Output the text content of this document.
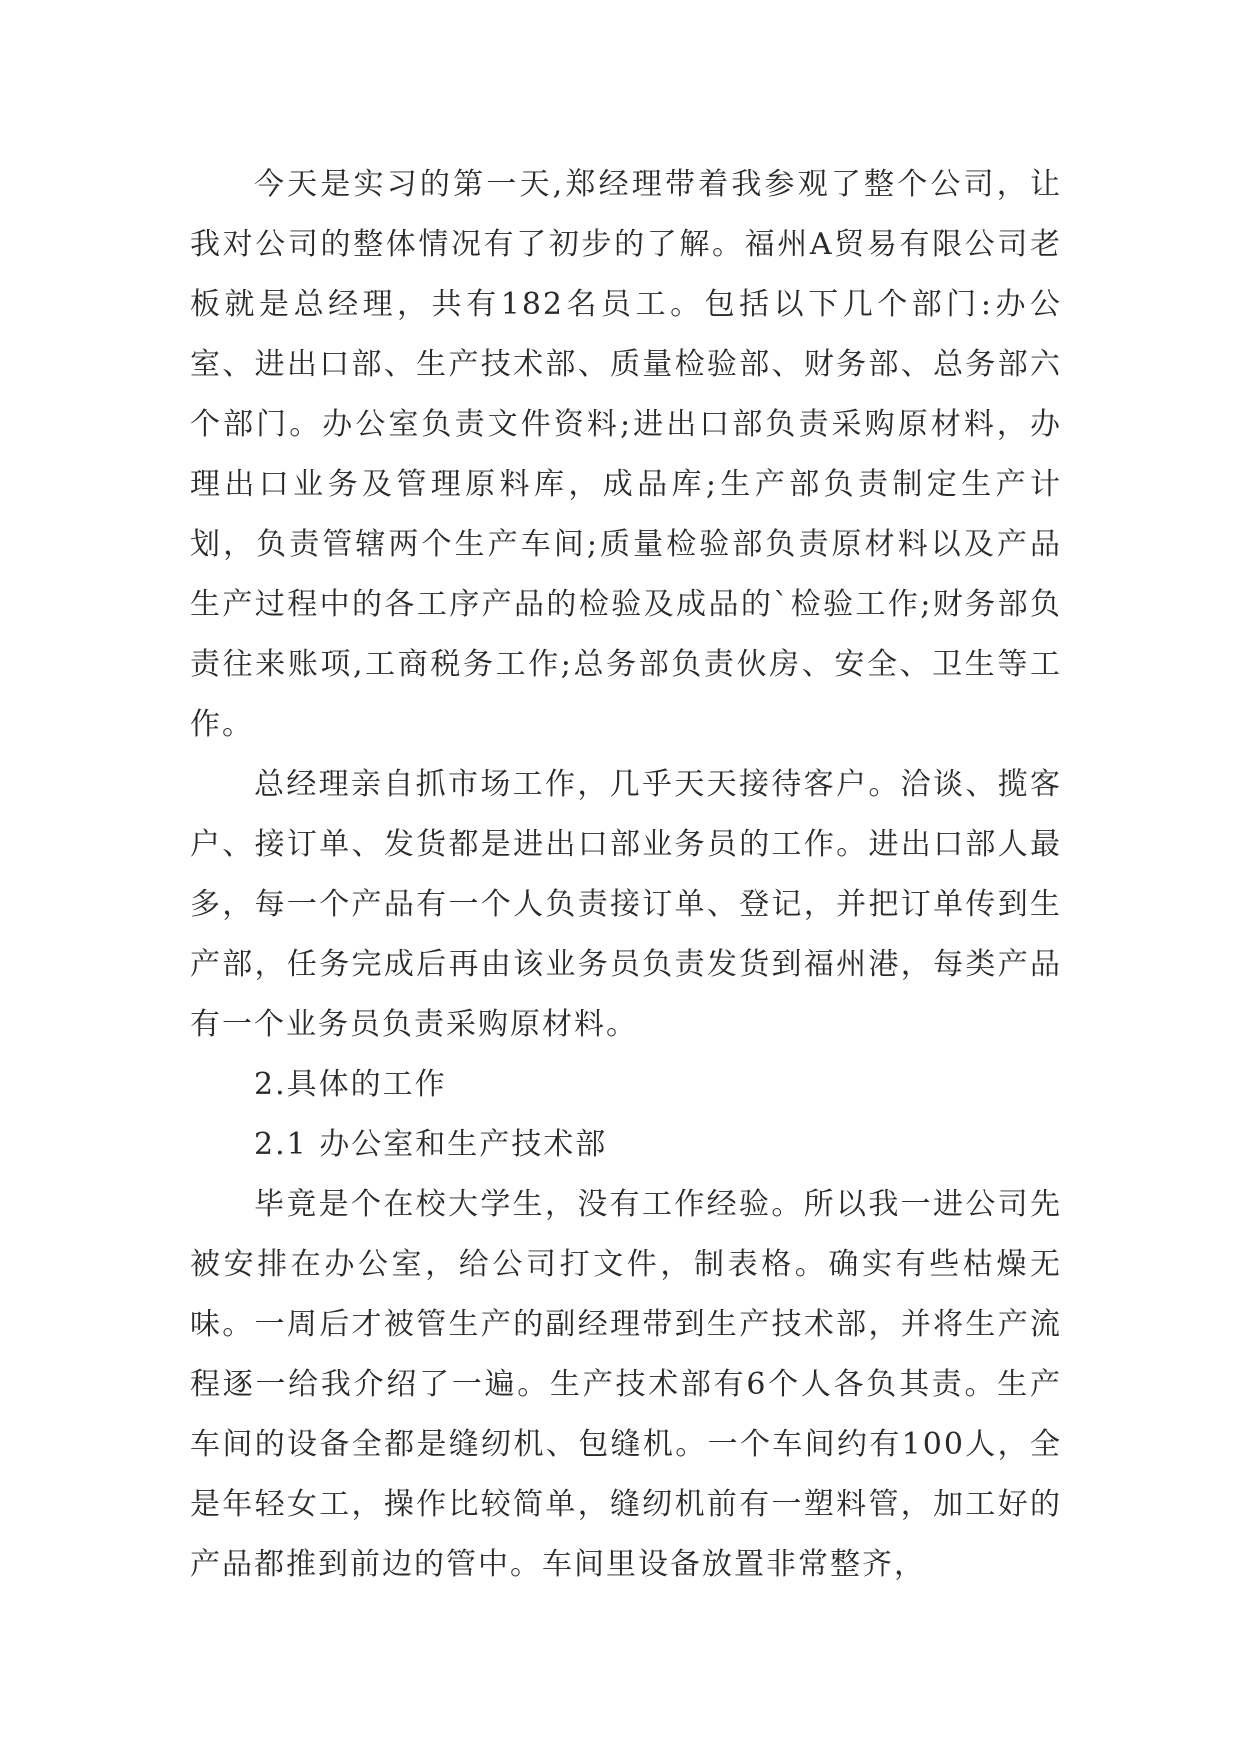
今天是实习的第一天,郑经理带着我参观了整个公司，让我对公司的整体情况有了初步的了解。福州A贸易有限公司老板就是总经理，共有182名员工。包括以下几个部门:办公室、进出口部、生产技术部、质量检验部、财务部、总务部六个部门。办公室负责文件资料;进出口部负责采购原材料，办理出口业务及管理原料库，成品库;生产部负责制定生产计划，负责管辖两个生产车间;质量检验部负责原材料以及产品生产过程中的各工序产品的检验及成品的`检验工作;财务部负责往来账项,工商税务工作;总务部负责伙房、安全、卫生等工作。

总经理亲自抓市场工作，几乎天天接待客户。洽谈、揽客户、接订单、发货都是进出口部业务员的工作。进出口部人最多，每一个产品有一个人负责接订单、登记，并把订单传到生产部，任务完成后再由该业务员负责发货到福州港，每类产品有一个业务员负责采购原材料。

2.具体的工作

2.1 办公室和生产技术部

毕竟是个在校大学生，没有工作经验。所以我一进公司先被安排在办公室，给公司打文件，制表格。确实有些枯燥无味。一周后才被管生产的副经理带到生产技术部，并将生产流程逐一给我介绍了一遍。生产技术部有6个人各负其责。生产车间的设备全都是缝纫机、包缝机。一个车间约有100人，全是年轻女工，操作比较简单，缝纫机前有一塑料管，加工好的产品都推到前边的管中。车间里设备放置非常整齐，
